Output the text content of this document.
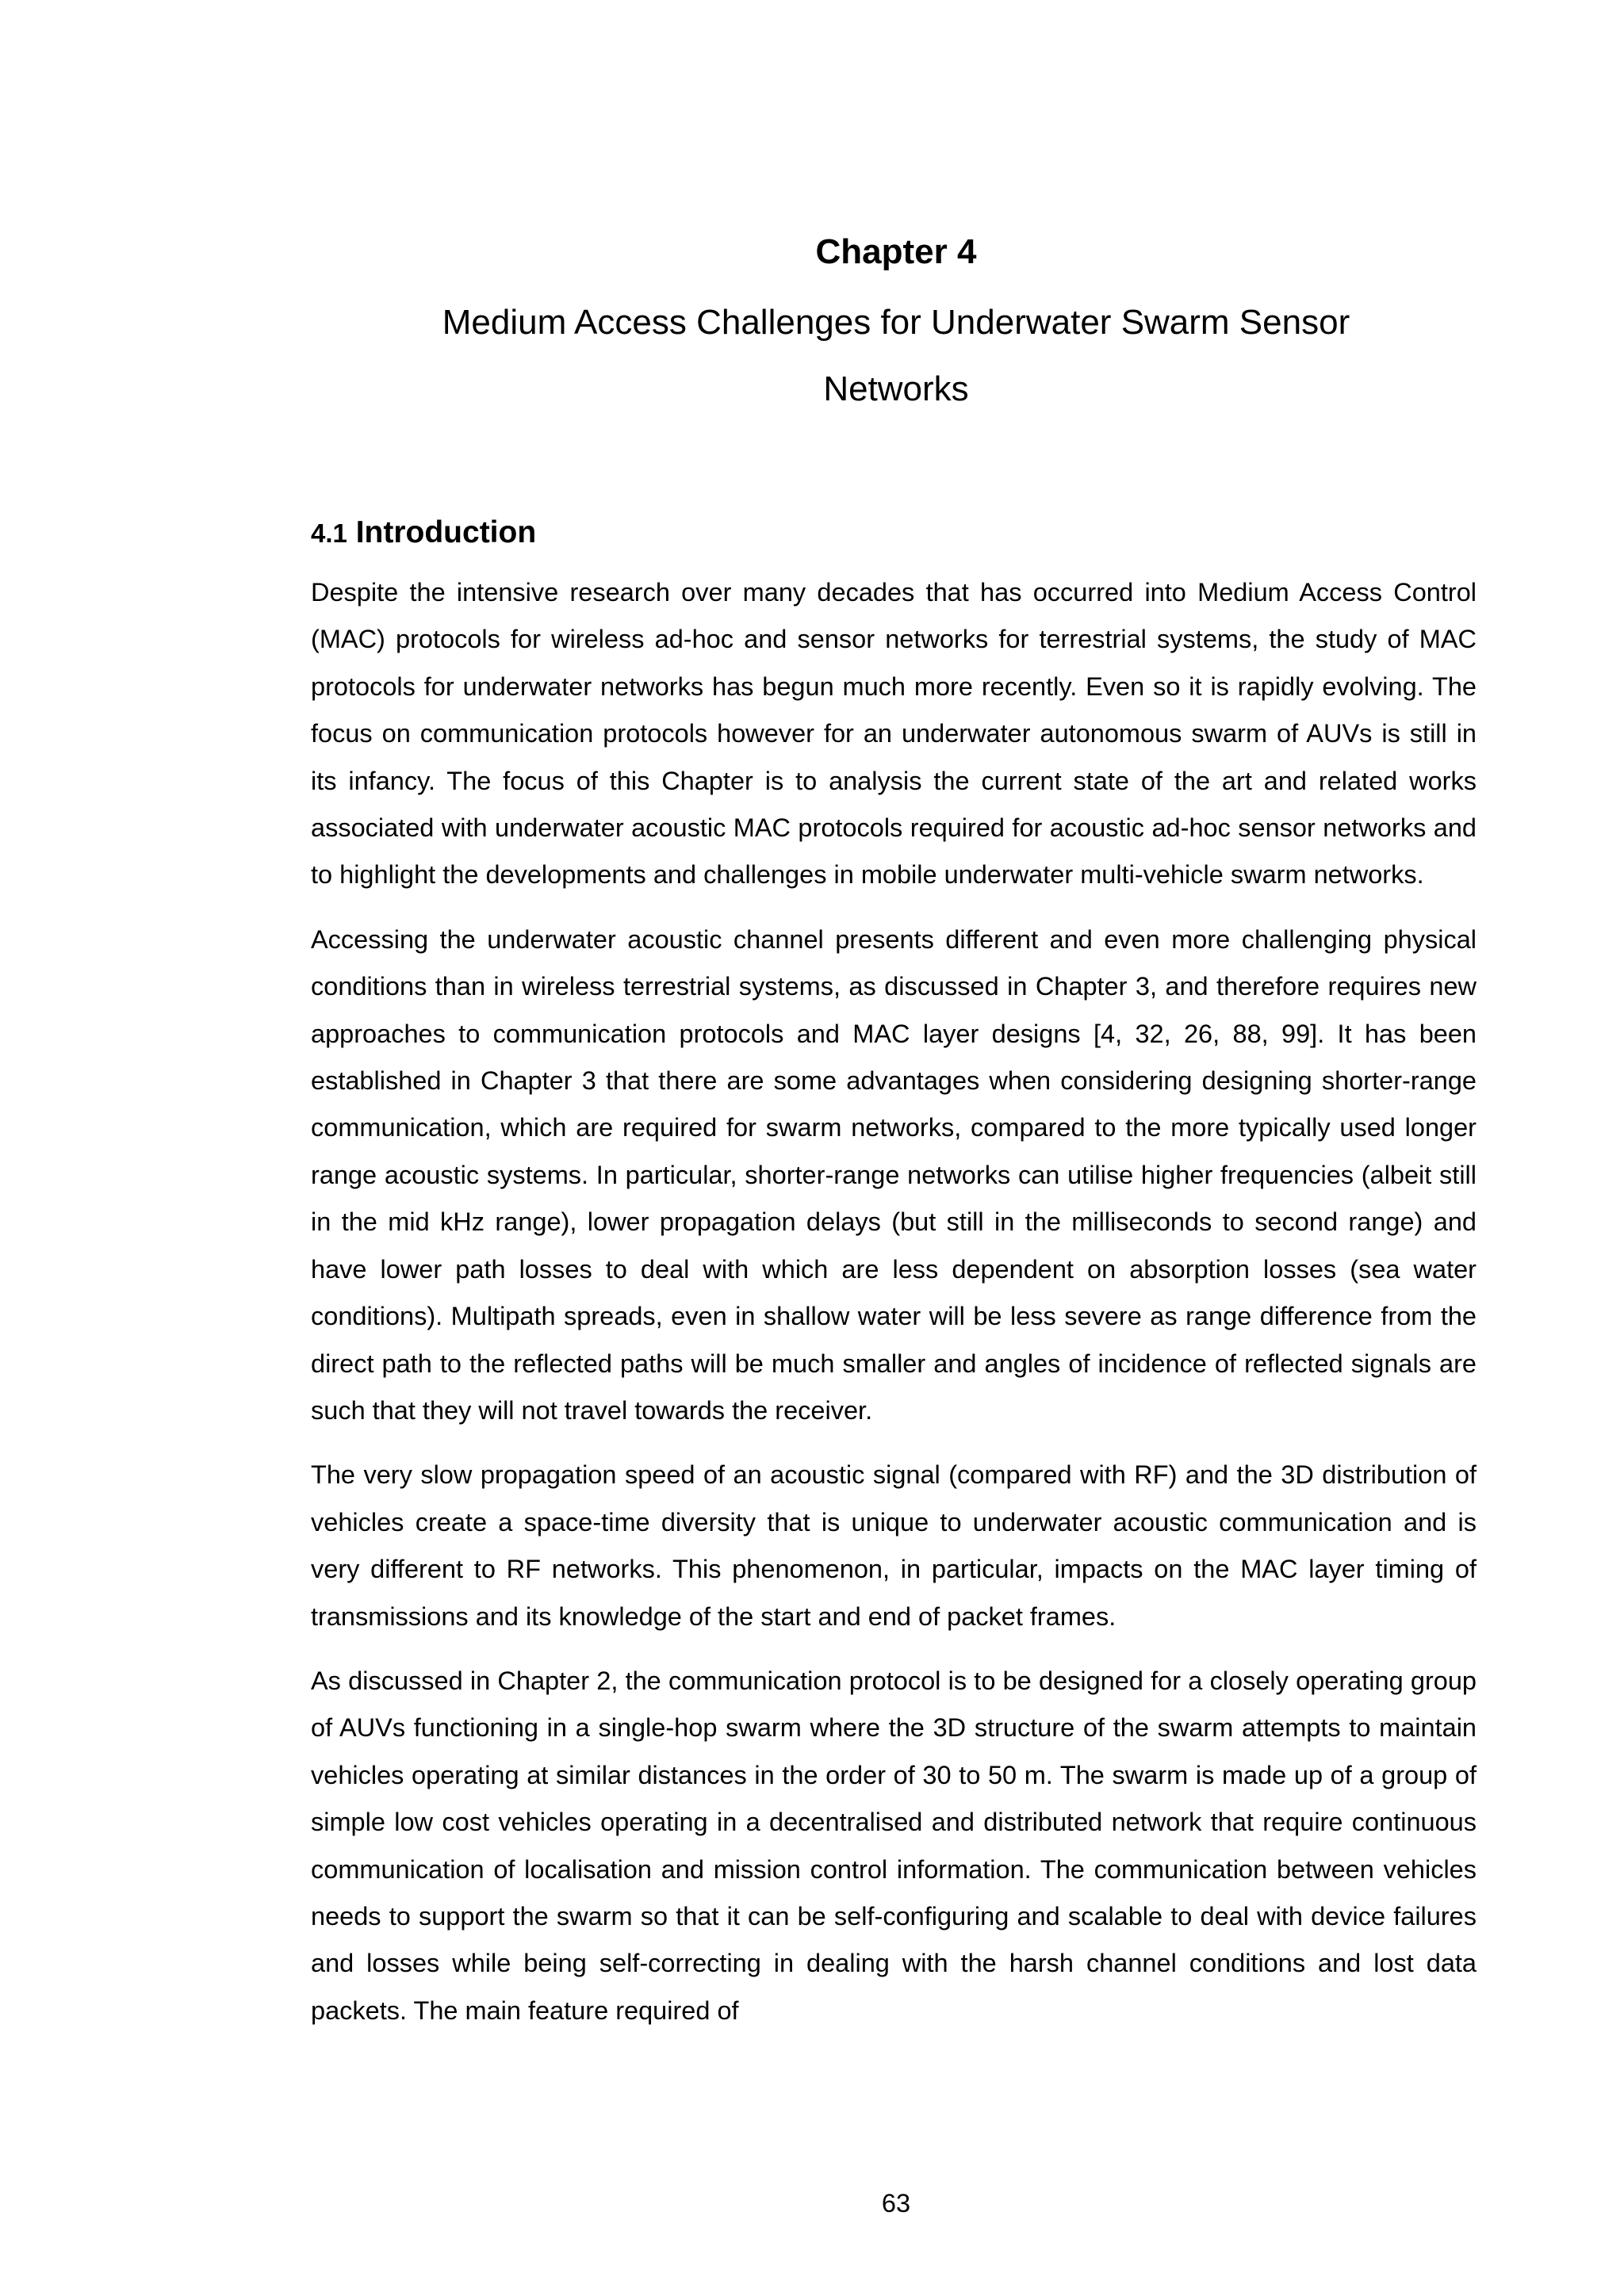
Chapter 4
Medium Access Challenges for Underwater Swarm Sensor
Networks
4.1 Introduction

Despite the intensive research over many decades that has occurred into Medium Access Control (MAC) protocols for wireless ad-hoc and sensor networks for terrestrial systems, the study of MAC protocols for underwater networks has begun much more recently. Even so it is rapidly evolving. The focus on communication protocols however for an underwater autonomous swarm of AUVs is still in its infancy. The focus of this Chapter is to analysis the current state of the art and related works associated with underwater acoustic MAC protocols required for acoustic ad-hoc sensor networks and to highlight the developments and challenges in mobile underwater multi-vehicle swarm networks.

Accessing the underwater acoustic channel presents different and even more challenging physical conditions than in wireless terrestrial systems, as discussed in Chapter 3, and therefore requires new approaches to communication protocols and MAC layer designs [4, 32, 26, 88, 99]. It has been established in Chapter 3 that there are some advantages when considering designing shorter-range communication, which are required for swarm networks, compared to the more typically used longer range acoustic systems. In particular, shorter-range networks can utilise higher frequencies (albeit still in the mid kHz range), lower propagation delays (but still in the milliseconds to second range) and have lower path losses to deal with which are less dependent on absorption losses (sea water conditions). Multipath spreads, even in shallow water will be less severe as range difference from the direct path to the reflected paths will be much smaller and angles of incidence of reflected signals are such that they will not travel towards the receiver.

The very slow propagation speed of an acoustic signal (compared with RF) and the 3D distribution of vehicles create a space-time diversity that is unique to underwater acoustic communication and is very different to RF networks. This phenomenon, in particular, impacts on the MAC layer timing of transmissions and its knowledge of the start and end of packet frames.

As discussed in Chapter 2, the communication protocol is to be designed for a closely operating group of AUVs functioning in a single-hop swarm where the 3D structure of the swarm attempts to maintain vehicles operating at similar distances in the order of 30 to 50 m. The swarm is made up of a group of simple low cost vehicles operating in a decentralised and distributed network that require continuous communication of localisation and mission control information. The communication between vehicles needs to support the swarm so that it can be self-configuring and scalable to deal with device failures and losses while being self-correcting in dealing with the harsh channel conditions and lost data packets. The main feature required of

63
